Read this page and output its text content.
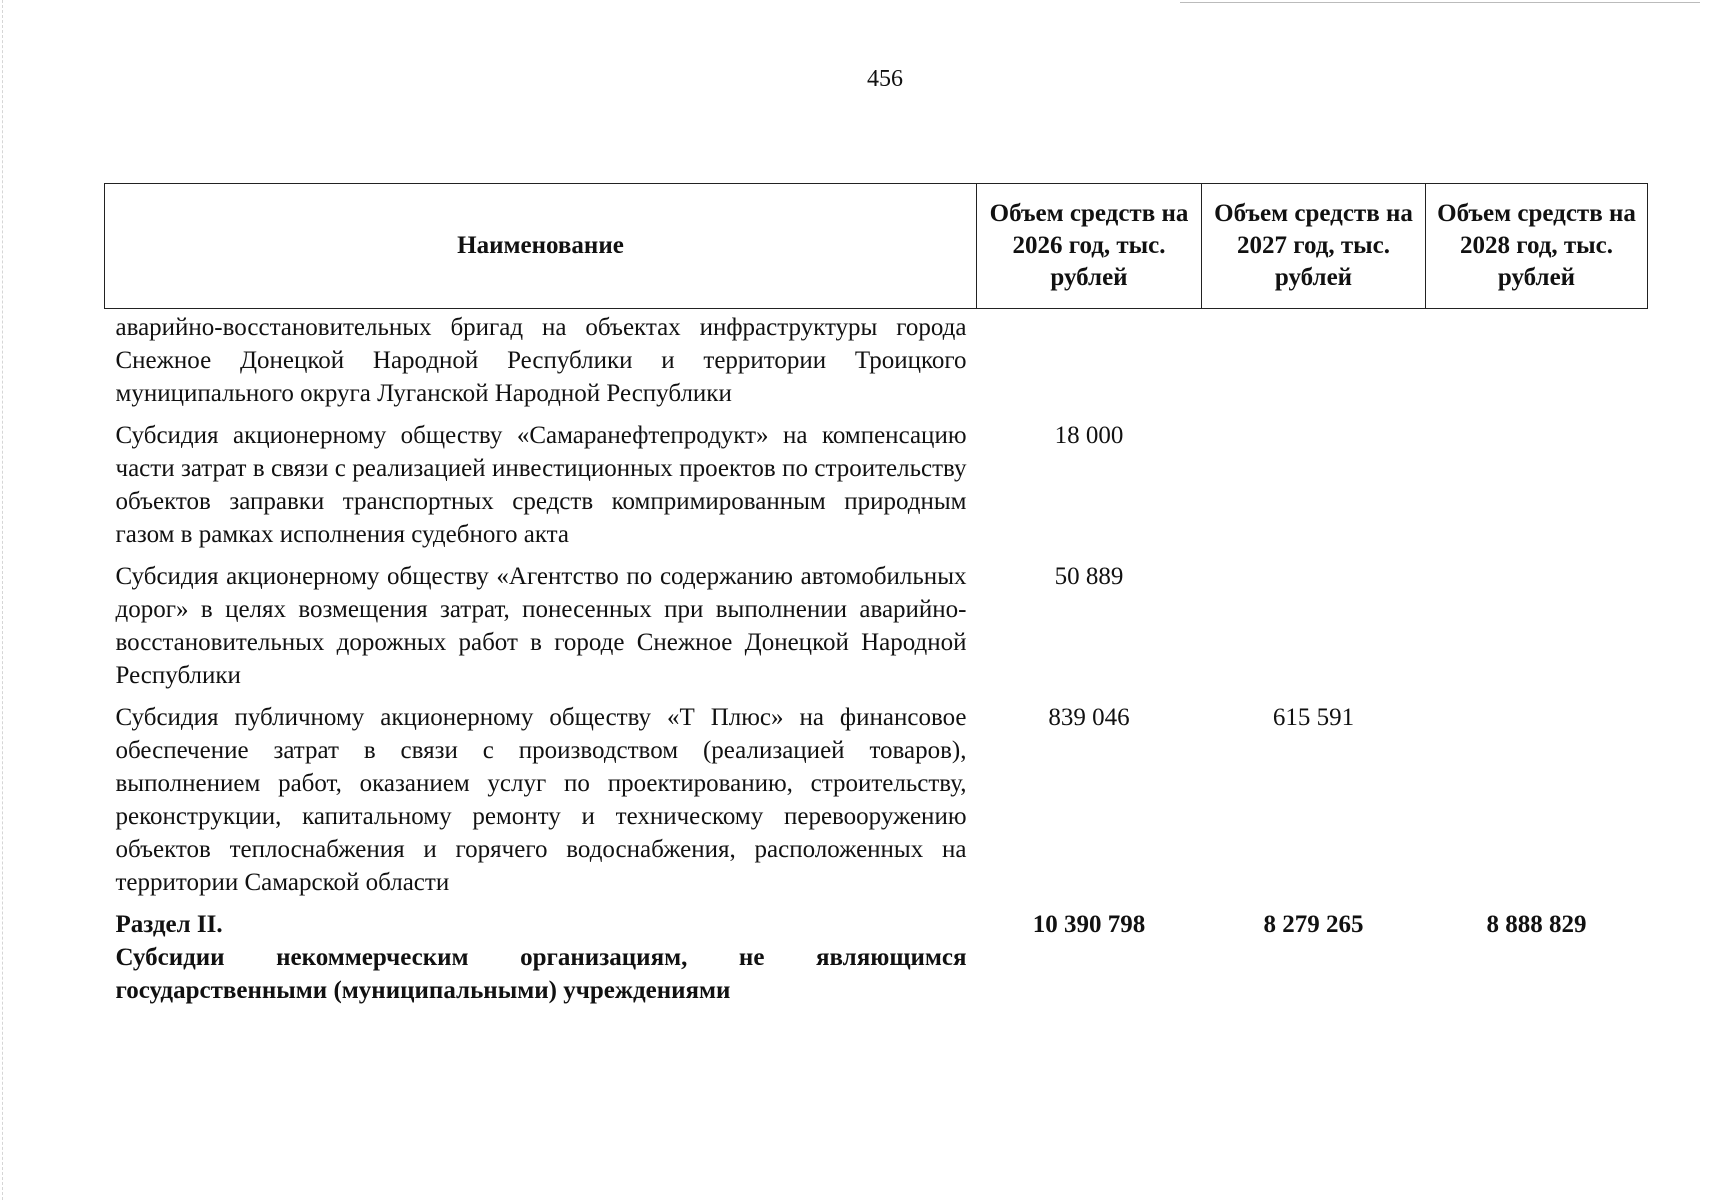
456
Наименование	Объем средств на 2026 год, тыс. рублей	Объем средств на 2027 год, тыс. рублей	Объем средств на 2028 год, тыс. рублей
аварийно-восстановительных бригад на объектах инфраструктуры города Снежное Донецкой Народной Республики и территории Троицкого муниципального округа Луганской Народной Республики			
Субсидия акционерному обществу «Самаранефтепродукт» на компенсацию части затрат в связи с реализацией инвестиционных проектов по строительству объектов заправки транспортных средств компримированным природным газом в рамках исполнения судебного акта	18 000		
Субсидия акционерному обществу «Агентство по содержанию автомобильных дорог» в целях возмещения затрат, понесенных при выполнении аварийно-восстановительных дорожных работ в городе Снежное Донецкой Народной Республики	50 889		
Субсидия публичному акционерному обществу «Т Плюс» на финансовое обеспечение затрат в связи с производством (реализацией товаров), выполнением работ, оказанием услуг по проектированию, строительству, реконструкции, капитальному ремонту и техническому перевооружению объектов теплоснабжения и горячего водоснабжения, расположенных на территории Самарской области	839 046	615 591	

Раздел II.
Субсидии некоммерческим организациям, не являющимся государственными (муниципальными) учреждениями	10 390 798	8 279 265	8 888 829
